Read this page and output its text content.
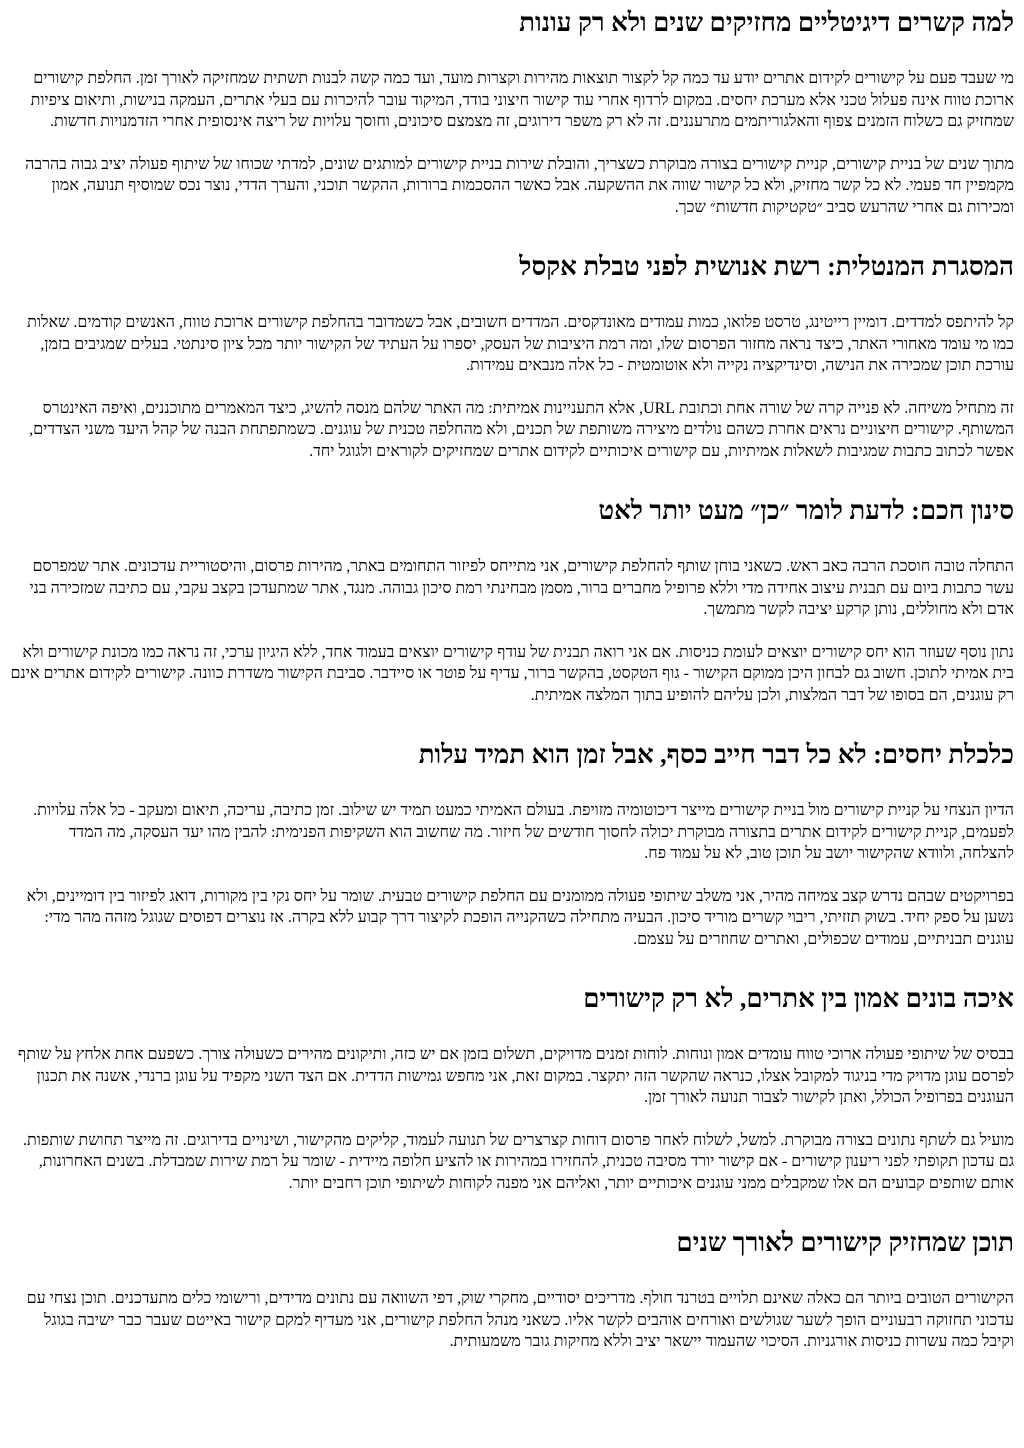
למה קשרים דיגיטליים מחזיקים שנים ולא רק עונות

מי שעבד פעם על קישורים לקידום אתרים יודע עד כמה קל לקצור תוצאות מהירות וקצרות מועד, ועד כמה קשה לבנות תשתית שמחזיקה לאורך זמן. החלפת קישורים ארוכת טווח אינה פעלול טכני אלא מערכת יחסים. במקום לרדוף אחרי עוד קישור חיצוני בודד, המיקוד עובר להיכרות עם בעלי אתרים, העמקה בנישות, ותיאום ציפיות שמחזיק גם כשלוח הזמנים צפוף והאלגוריתמים מתרעננים. זה לא רק משפר דירוגים, זה מצמצם סיכונים, וחוסך עלויות של ריצה אינסופית אחרי הזדמנויות חדשות.

מתוך שנים של בניית קישורים, קניית קישורים בצורה מבוקרת כשצריך, והובלת שירות בניית קישורים למותגים שונים, למדתי שכוחו של שיתוף פעולה יציב גבוה בהרבה מקמפיין חד פעמי. לא כל קשר מחזיק, ולא כל קישור שווה את ההשקעה. אבל כאשר ההסכמות ברורות, ההקשר תוכני, והערך הדדי, נוצר נכס שמוסיף תנועה, אמון ומכירות גם אחרי שהרעש סביב ״טקטיקות חדשות״ שכך.

המסגרת המנטלית: רשת אנושית לפני טבלת אקסל

קל להיתפס למדדים. דומיין רייטינג, טרסט פלואו, כמות עמודים מאונדקסים. המדדים חשובים, אבל כשמדובר בהחלפת קישורים ארוכת טווח, האנשים קודמים. שאלות כמו מי עומד מאחורי האתר, כיצד נראה מחזור הפרסום שלו, ומה רמת היציבות של העסק, יספרו על העתיד של הקישור יותר מכל ציון סינתטי. בעלים שמגיבים בזמן, עורכת תוכן שמכירה את הנישה, וסינדיקציה נקייה ולא אוטומטית - כל אלה מנבאים עמידות.

זה מתחיל משיחה. לא פנייה קרה של שורה אחת וכתובת URL, אלא התעניינות אמיתית: מה האתר שלהם מנסה להשיג, כיצד המאמרים מתוכננים, ואיפה האינטרס המשותף. קישורים חיצוניים נראים אחרת כשהם נולדים מיצירה משותפת של תכנים, ולא מהחלפה טכנית של עוגנים. כשמתפתחת הבנה של קהל היעד משני הצדדים, אפשר לכתוב כתבות שמגיבות לשאלות אמיתיות, עם קישורים איכותיים לקידום אתרים שמחזיקים לקוראים ולגוגל יחד.

סינון חכם: לדעת לומר ״כן״ מעט יותר לאט

התחלה טובה חוסכת הרבה כאב ראש. כשאני בוחן שותף להחלפת קישורים, אני מתייחס לפיזור התחומים באתר, מהירות פרסום, והיסטוריית עדכונים. אתר שמפרסם עשר כתבות ביום עם תבנית עיצוב אחידה מדי וללא פרופיל מחברים ברור, מסמן מבחינתי רמת סיכון גבוהה. מנגד, אתר שמתעדכן בקצב עקבי, עם כתיבה שמזכירה בני אדם ולא מחוללים, נותן קרקע יציבה לקשר מתמשך.

נתון נוסף שעוזר הוא יחס קישורים יוצאים לעומת כניסות. אם אני רואה תבנית של עודף קישורים יוצאים בעמוד אחד, ללא היגיון ערכי, זה נראה כמו מכונת קישורים ולא בית אמיתי לתוכן. חשוב גם לבחון היכן ממוקם הקישור - גוף הטקסט, בהקשר ברור, עדיף על פוטר או סיידבר. סביבת הקישור משדרת כוונה. קישורים לקידום אתרים אינם רק עוגנים, הם בסופו של דבר המלצות, ולכן עליהם להופיע בתוך המלצה אמיתית.

כלכלת יחסים: לא כל דבר חייב כסף, אבל זמן הוא תמיד עלות

הדיון הנצחי על קניית קישורים מול בניית קישורים מייצר דיכוטומיה מזויפת. בעולם האמיתי כמעט תמיד יש שילוב. זמן כתיבה, עריכה, תיאום ומעקב - כל אלה עלויות. לפעמים, קניית קישורים לקידום אתרים בתצורה מבוקרת יכולה לחסוך חודשים של חיזור. מה שחשוב הוא השקיפות הפנימית: להבין מהו יעד העסקה, מה המדד להצלחה, ולוודא שהקישור יושב על תוכן טוב, לא על עמוד פח.

בפרויקטים שבהם נדרש קצב צמיחה מהיר, אני משלב שיתופי פעולה ממומנים עם החלפת קישורים טבעית. שומר על יחס נקי בין מקורות, דואג לפיזור בין דומיינים, ולא נשען על ספק יחיד. בשוק תזזיתי, ריבוי קשרים מוריד סיכון. הבעיה מתחילה כשהקנייה הופכת לקיצור דרך קבוע ללא בקרה. אז נוצרים דפוסים שגוגל מזהה מהר מדי: עוגנים תבניתיים, עמודים שכפולים, ואתרים שחוזרים על עצמם.

איכה בונים אמון בין אתרים, לא רק קישורים

בבסיס של שיתופי פעולה ארוכי טווח עומדים אמון ונוחות. לוחות זמנים מדויקים, תשלום בזמן אם יש כזה, ותיקונים מהירים כשעולה צורך. כשפעם אחת אלחץ על שותף לפרסם עוגן מדויק מדי בניגוד למקובל אצלו, כנראה שהקשר הזה יתקצר. במקום זאת, אני מחפש גמישות הדדית. אם הצד השני מקפיד על עוגן ברנדי, אשנה את תכנון העוגנים בפרופיל הכולל, ואתן לקישור לצבור תנועה לאורך זמן.

מועיל גם לשתף נתונים בצורה מבוקרת. למשל, לשלוח לאחר פרסום דוחות קצרצרים של תנועה לעמוד, קליקים מהקישור, ושינויים בדירוגים. זה מייצר תחושת שותפות. גם עדכון תקופתי לפני ריענון קישורים - אם קישור יורד מסיבה טכנית, להחזירו במהירות או להציע חלופה מיידית - שומר על רמת שירות שמבדלת. בשנים האחרונות, אותם שותפים קבועים הם אלו שמקבלים ממני עוגנים איכותיים יותר, ואליהם אני מפנה לקוחות לשיתופי תוכן רחבים יותר.

תוכן שמחזיק קישורים לאורך שנים

הקישורים הטובים ביותר הם כאלה שאינם תלויים בטרנד חולף. מדריכים יסודיים, מחקרי שוק, דפי השוואה עם נתונים מדידים, ורישומי כלים מתעדכנים. תוכן נצחי עם עדכוני תחזוקה רבעוניים הופך לשער שגולשים ואורחים אוהבים לקשר אליו. כשאני מנהל החלפת קישורים, אני מעדיף למקם קישור באייטם שעבר כבר ישיבה בגוגל וקיבל כמה עשרות כניסות אורגניות. הסיכוי שהעמוד יישאר יציב וללא מחיקות גובר משמעותית.
